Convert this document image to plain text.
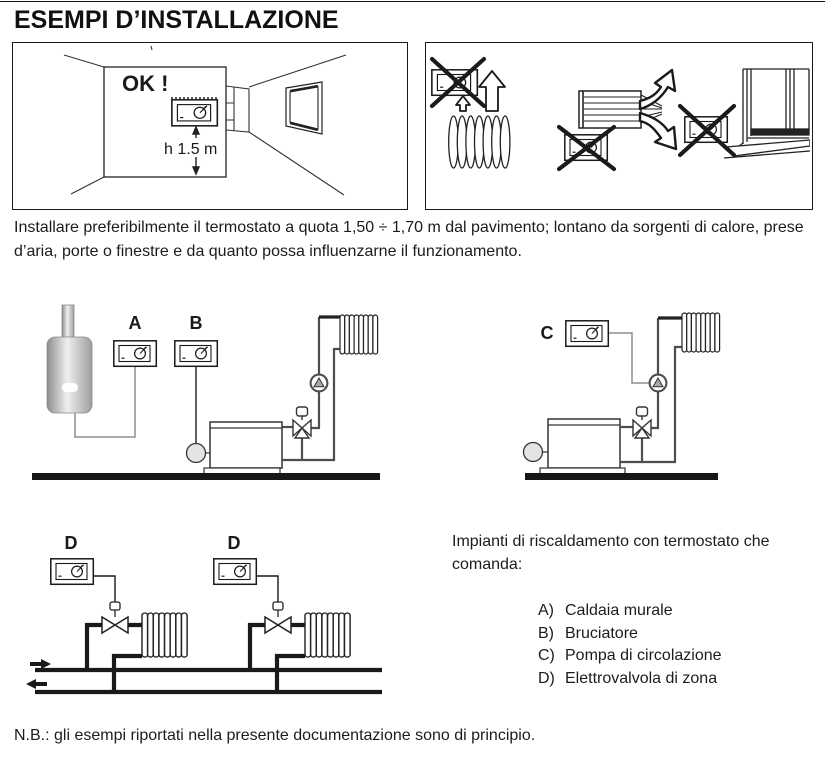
ESEMPI D’INSTALLAZIONE
OK !
h 1.5 m

Installare preferibilmente il termostato a quota 1,50 ÷ 1,70 m dal pavimento; lontano da sorgenti di calore, prese d’aria, porte o finestre e da quanto possa influenzarne il funzionamento.

A	B	C
D	D	Impianti di riscaldamento con termostato che comanda:

A) Caldaia murale
B) Bruciatore
C) Pompa di circolazione
D) Elettrovalvola di zona

N.B.: gli esempi riportati nella presente documentazione sono di principio.
